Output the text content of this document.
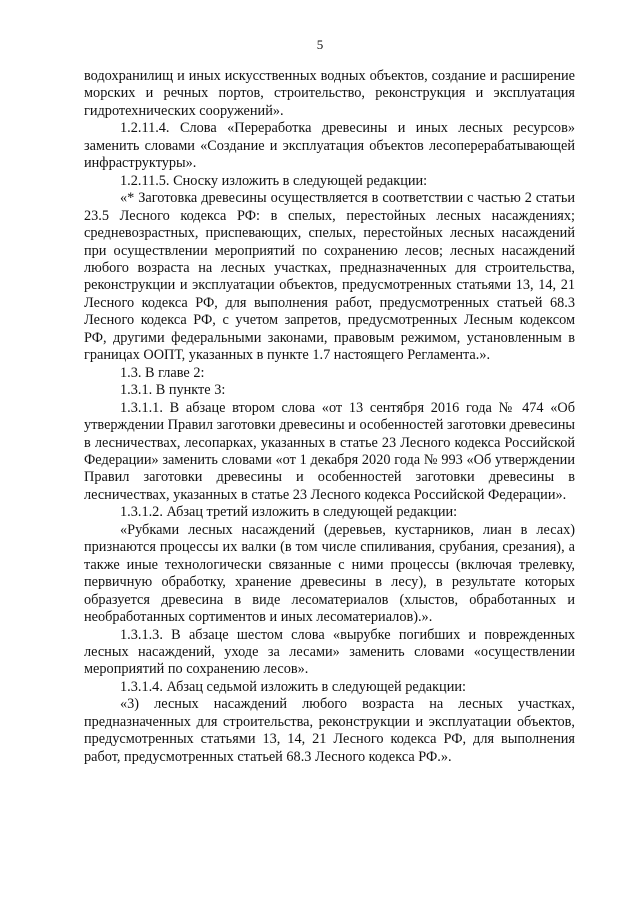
5

водохранилищ и иных искусственных водных объектов, создание и расширение морских и речных портов, строительство, реконструкция и эксплуатация гидротехнических сооружений».

1.2.11.4. Слова «Переработка древесины и иных лесных ресурсов» заменить словами «Создание и эксплуатация объектов лесоперерабатывающей инфраструктуры».

1.2.11.5. Сноску изложить в следующей редакции:

«* Заготовка древесины осуществляется в соответствии с частью 2 статьи 23.5 Лесного кодекса РФ: в спелых, перестойных лесных насаждениях; средневозрастных, приспевающих, спелых, перестойных лесных насаждений при осуществлении мероприятий по сохранению лесов; лесных насаждений любого возраста на лесных участках, предназначенных для строительства, реконструкции и эксплуатации объектов, предусмотренных статьями 13, 14, 21 Лесного кодекса РФ, для выполнения работ, предусмотренных статьей 68.3 Лесного кодекса РФ, с учетом запретов, предусмотренных Лесным кодексом РФ, другими федеральными законами, правовым режимом, установленным в границах ООПТ, указанных в пункте 1.7 настоящего Регламента.».

1.3. В главе 2:

1.3.1. В пункте 3:

1.3.1.1. В абзаце втором слова «от 13 сентября 2016 года № 474 «Об утверждении Правил заготовки древесины и особенностей заготовки древесины в лесничествах, лесопарках, указанных в статье 23 Лесного кодекса Российской Федерации» заменить словами «от 1 декабря 2020 года № 993 «Об утверждении Правил заготовки древесины и особенностей заготовки древесины в лесничествах, указанных в статье 23 Лесного кодекса Российской Федерации».

1.3.1.2. Абзац третий изложить в следующей редакции:

«Рубками лесных насаждений (деревьев, кустарников, лиан в лесах) признаются процессы их валки (в том числе спиливания, срубания, срезания), а также иные технологически связанные с ними процессы (включая трелевку, первичную обработку, хранение древесины в лесу), в результате которых образуется древесина в виде лесоматериалов (хлыстов, обработанных и необработанных сортиментов и иных лесоматериалов).».

1.3.1.3. В абзаце шестом слова «вырубке погибших и поврежденных лесных насаждений, уходе за лесами» заменить словами «осуществлении мероприятий по сохранению лесов».

1.3.1.4. Абзац седьмой изложить в следующей редакции:

«3) лесных насаждений любого возраста на лесных участках, предназначенных для строительства, реконструкции и эксплуатации объектов, предусмотренных статьями 13, 14, 21 Лесного кодекса РФ, для выполнения работ, предусмотренных статьей 68.3 Лесного кодекса РФ.».
